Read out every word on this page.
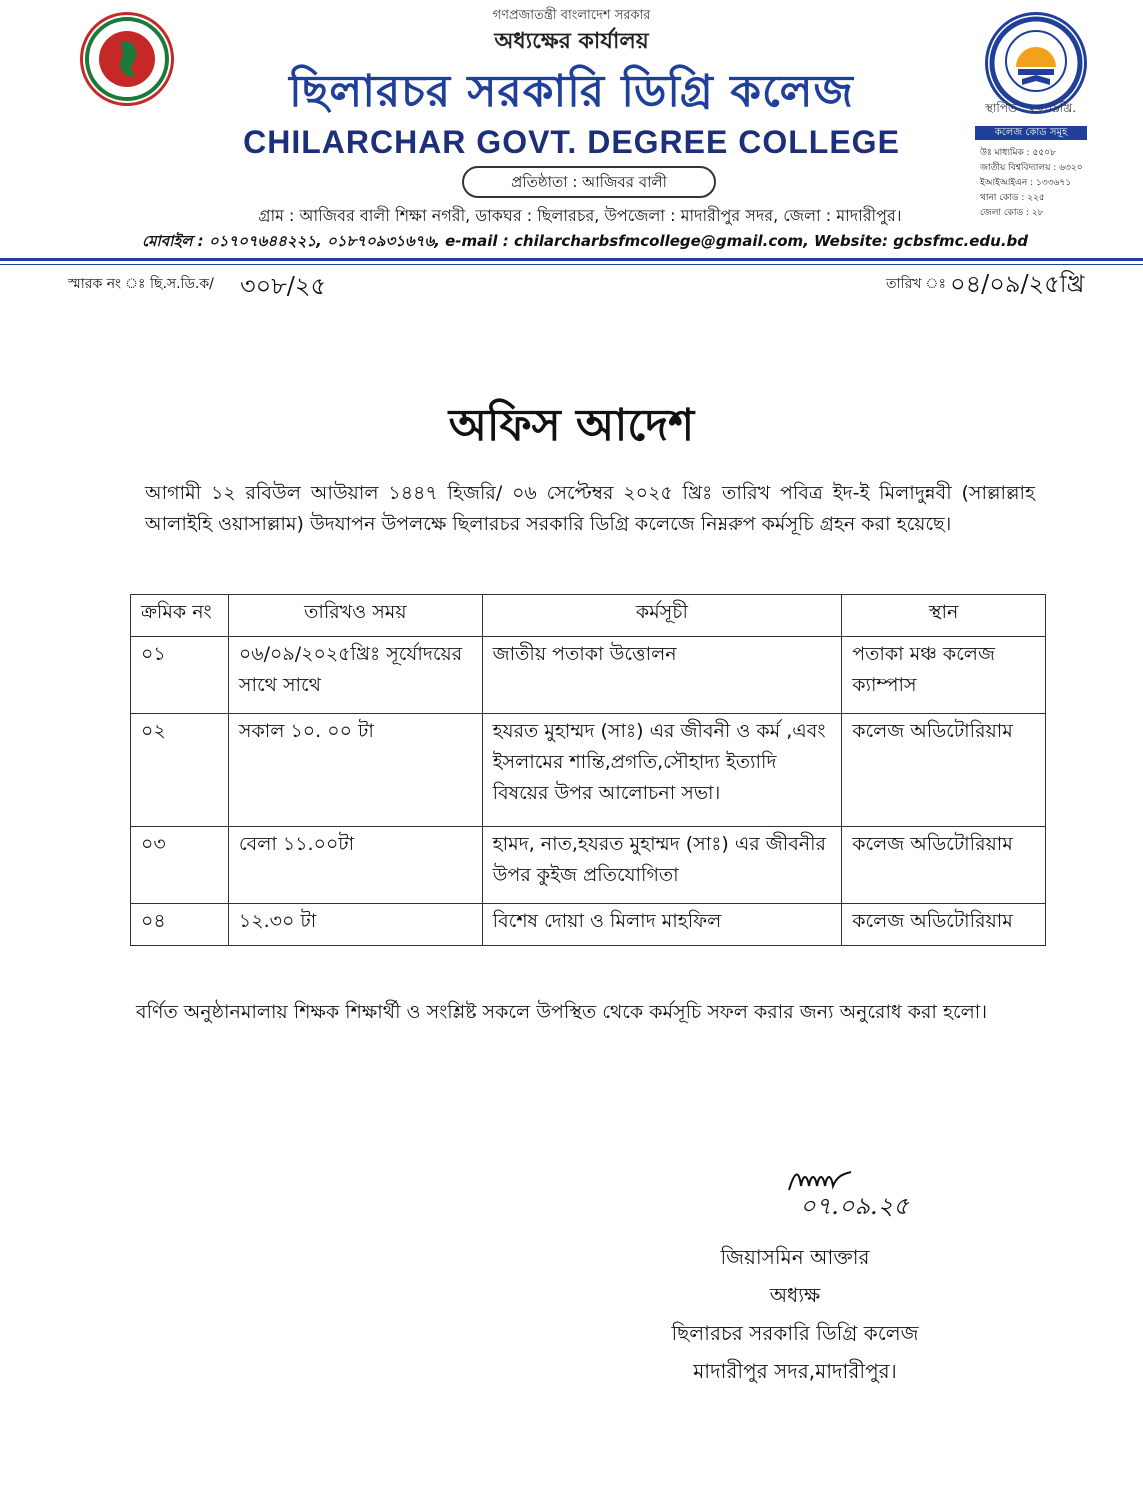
গণপ্রজাতন্ত্রী বাংলাদেশ সরকার
অধ্যক্ষের কার্যালয়
ছিলারচর সরকারি ডিগ্রি কলেজ
CHILARCHAR GOVT. DEGREE COLLEGE
প্রতিষ্ঠাতা : আজিবর বালী
গ্রাম : আজিবর বালী শিক্ষা নগরী, ডাকঘর : ছিলারচর, উপজেলা : মাদারীপুর সদর, জেলা : মাদারীপুর।
মোবাইল : ০১৭০৭৬৪৪২২১, ০১৮৭০৯৩১৬৭৬, e-mail : chilarcharbsfmcollege@gmail.com, Website: gcbsfmc.edu.bd
স্থাপিত : ২০০৯খ্রি.
কলেজ কোড সমূহ
উঃ মাধ্যমিক : ৫৫০৮
জাতীয় বিশ্ববিদ্যালয় : ৬৩২০
ইআইআইএন : ১৩৩৬৭১
থানা কোড : ২২৫
জেলা কোড : ২৮
স্মারক নং ঃ ছি.স.ডি.ক/ ৩০৮/২৫	তারিখ ঃ ০৪/০৯/২৫খ্রি
অফিস আদেশ
আগামী ১২ রবিউল আউয়াল ১৪৪৭ হিজরি/ ০৬ সেপ্টেম্বর ২০২৫ খ্রিঃ তারিখ পবিত্র ইদ-ই মিলাদুন্নবী (সাল্লাল্লাহ আলাইহি ওয়াসাল্লাম) উদযাপন উপলক্ষে ছিলারচর সরকারি ডিগ্রি কলেজে নিম্নরুপ কর্মসূচি গ্রহন করা হয়েছে।
ক্রমিক নং	তারিখও সময়	কর্মসূচী	স্থান
০১	০৬/০৯/২০২৫খ্রিঃ সূর্যোদয়ের সাথে সাথে	জাতীয় পতাকা উত্তোলন	পতাকা মঞ্চ কলেজ ক্যাম্পাস
০২	সকাল ১০. ০০ টা	হযরত মুহাম্মদ (সাঃ) এর জীবনী ও কর্ম ,এবং ইসলামের শান্তি,প্রগতি,সৌহাদ্য ইত্যাদি বিষয়ের উপর আলোচনা সভা।	কলেজ অডিটোরিয়াম
০৩	বেলা ১১.০০টা	হামদ, নাত,হযরত মুহাম্মদ (সাঃ) এর জীবনীর উপর কুইজ প্রতিযোগিতা	কলেজ অডিটোরিয়াম
০৪	১২.৩০ টা	বিশেষ দোয়া ও মিলাদ মাহফিল	কলেজ অডিটোরিয়াম
বর্ণিত অনুষ্ঠানমালায় শিক্ষক শিক্ষার্থী ও সংশ্লিষ্ট সকলে উপস্থিত থেকে কর্মসূচি সফল করার জন্য অনুরোধ করা হলো।
০৭.০৯.২৫
জিয়াসমিন আক্তার
অধ্যক্ষ
ছিলারচর সরকারি ডিগ্রি কলেজ
মাদারীপুর সদর,মাদারীপুর।
